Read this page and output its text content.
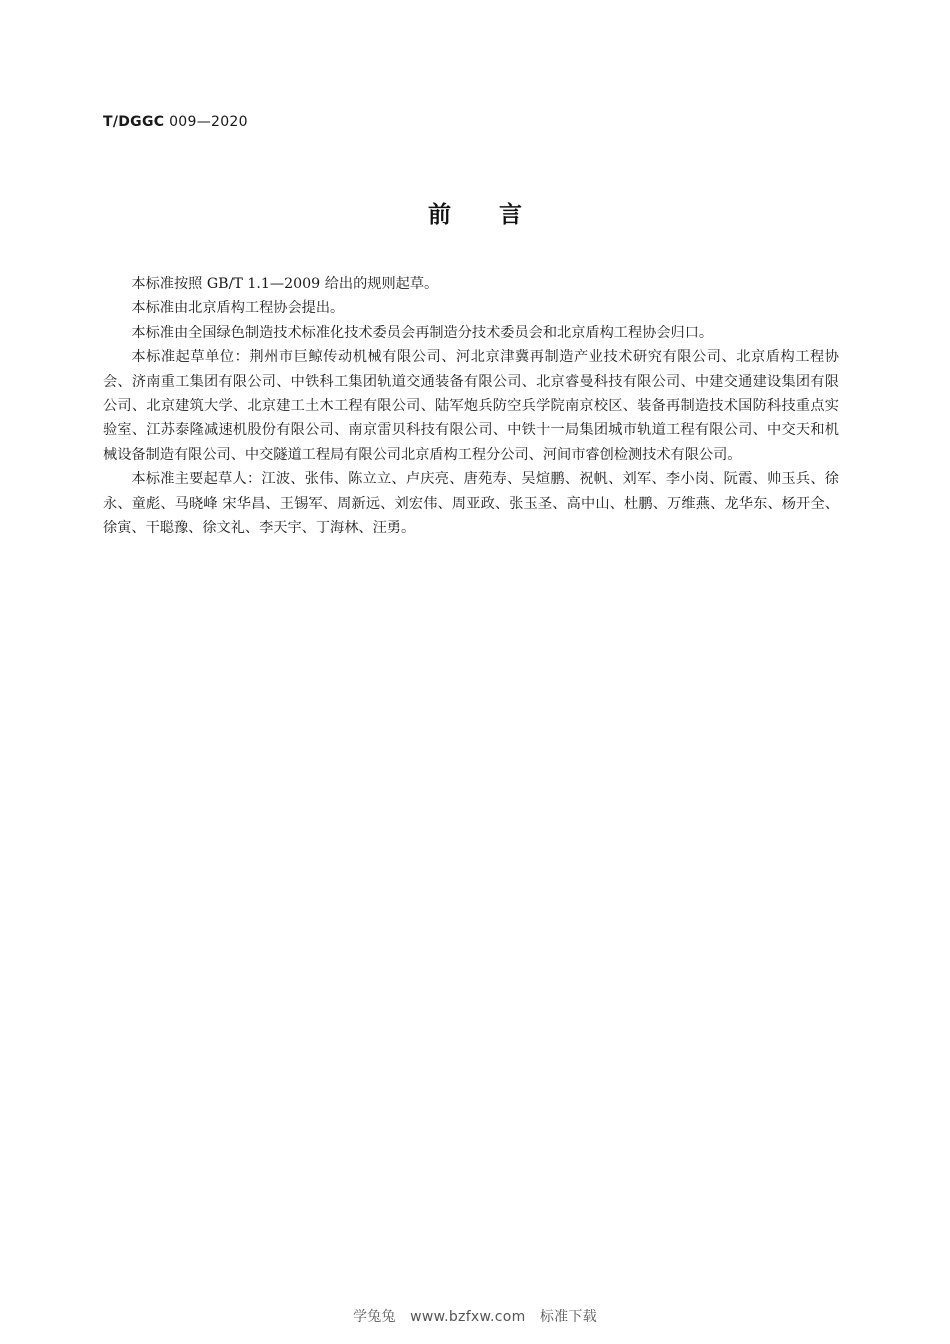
T/DGGC 009—2020
前言

本标准按照 GB/T 1.1—2009 给出的规则起草。

本标准由北京盾构工程协会提出。

本标准由全国绿色制造技术标准化技术委员会再制造分技术委员会和北京盾构工程协会归口。

本标准起草单位：荆州市巨鲸传动机械有限公司、河北京津冀再制造产业技术研究有限公司、北京盾构工程协会、济南重工集团有限公司、中铁科工集团轨道交通装备有限公司、北京睿曼科技有限公司、中建交通建设集团有限公司、北京建筑大学、北京建工土木工程有限公司、陆军炮兵防空兵学院南京校区、装备再制造技术国防科技重点实验室、江苏泰隆减速机股份有限公司、南京雷贝科技有限公司、中铁十一局集团城市轨道工程有限公司、中交天和机械设备制造有限公司、中交隧道工程局有限公司北京盾构工程分公司、河间市睿创检测技术有限公司。

本标准主要起草人：江波、张伟、陈立立、卢庆亮、唐苑寿、吴煊鹏、祝帆、刘军、李小岗、阮霞、帅玉兵、徐永、童彪、马晓峰 宋华昌、王锡军、周新远、刘宏伟、周亚政、张玉圣、高中山、杜鹏、万维燕、龙华东、杨开全、徐寅、干聪豫、徐文礼、李天宇、丁海林、汪勇。

学兔兔　www.bzfxw.com　标准下载
